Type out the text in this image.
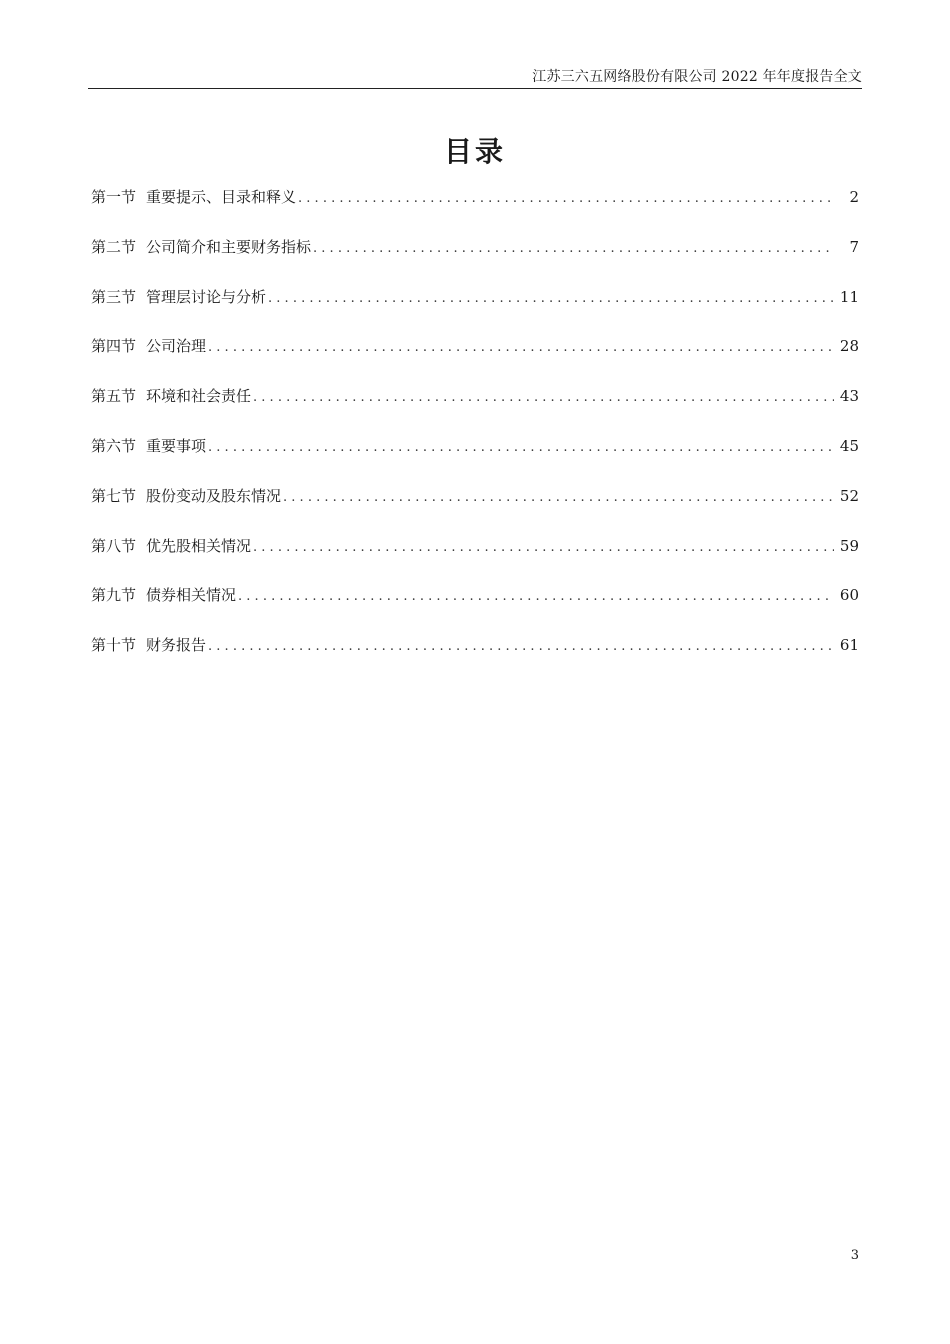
江苏三六五网络股份有限公司 2022 年年度报告全文
目录
第一节 重要提示、目录和释义 . . .	2
第二节 公司简介和主要财务指标 . . .	7
第三节 管理层讨论与分析 . . .	11
第四节 公司治理 . . .	28
第五节 环境和社会责任 . . .	43
第六节 重要事项 . . .	45
第七节 股份变动及股东情况 . . .	52
第八节 优先股相关情况 . . .	59
第九节 债券相关情况 . . .	60
第十节 财务报告 . . .	61
3
